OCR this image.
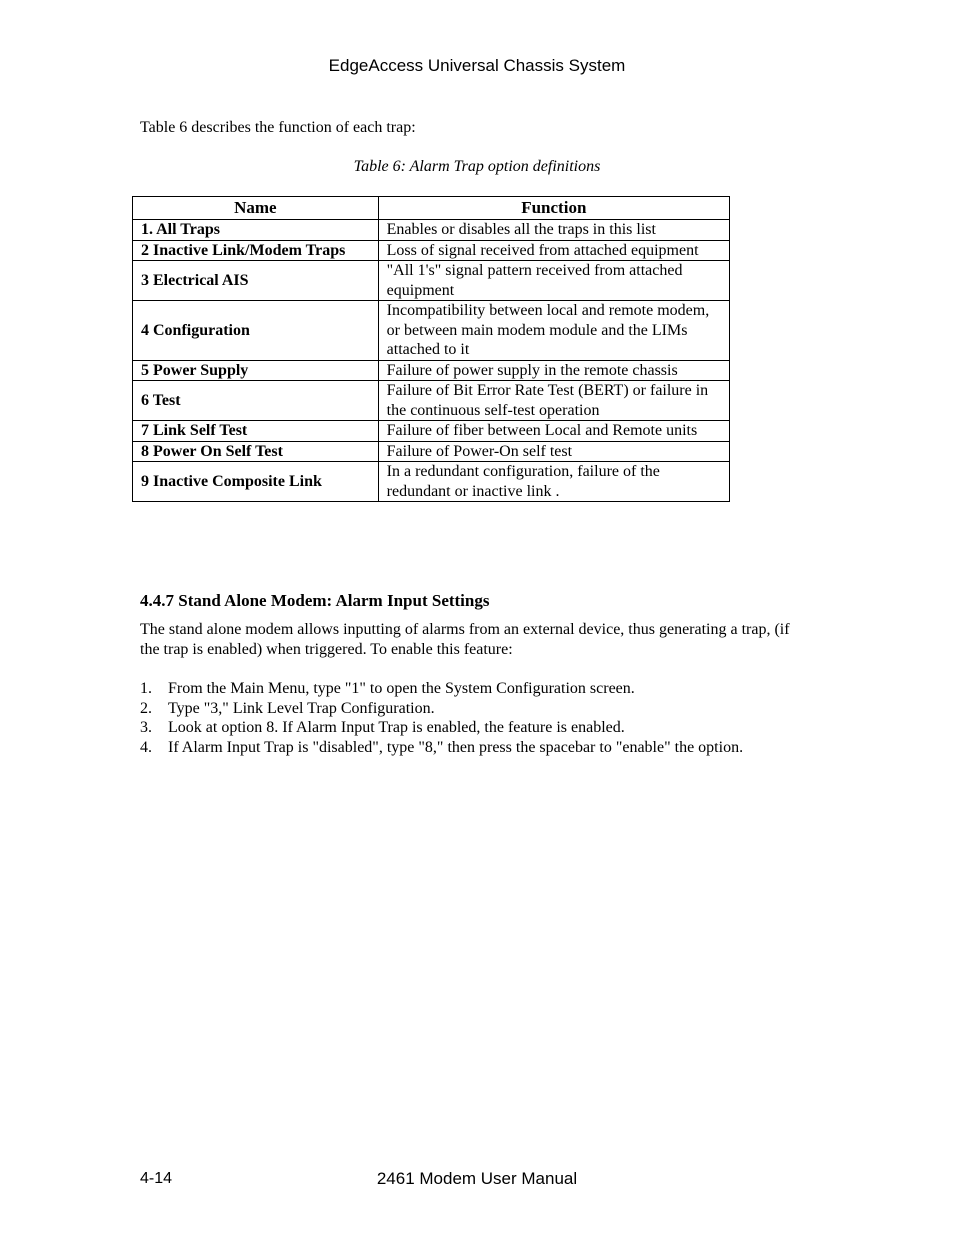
EdgeAccess Universal Chassis System
Table 6 describes the function of each trap:
Table 6: Alarm Trap option definitions
Name	Function
1. All Traps	Enables or disables all the traps in this list
2 Inactive Link/Modem Traps	Loss of signal received from attached equipment
3 Electrical AIS	"All 1's" signal pattern received from attached equipment
4 Configuration	Incompatibility between local and remote modem, or between main modem module and the LIMs attached to it
5 Power Supply	Failure of power supply in the remote chassis
6 Test	Failure of Bit Error Rate Test (BERT) or failure in the continuous self-test operation
7 Link Self Test	Failure of fiber between Local and Remote units
8 Power On Self Test	Failure of Power-On self test
9 Inactive Composite Link	In a redundant configuration, failure of the redundant or inactive link .
4.4.7 Stand Alone Modem: Alarm Input Settings
The stand alone modem allows inputting of alarms from an external device, thus generating a trap, (if the trap is enabled) when triggered. To enable this feature:
1. From the Main Menu, type "1" to open the System Configuration screen.
2. Type "3," Link Level Trap Configuration.
3. Look at option 8. If Alarm Input Trap is enabled, the feature is enabled.
4. If Alarm Input Trap is "disabled", type "8," then press the spacebar to "enable" the option.
4-14	2461 Modem User Manual
